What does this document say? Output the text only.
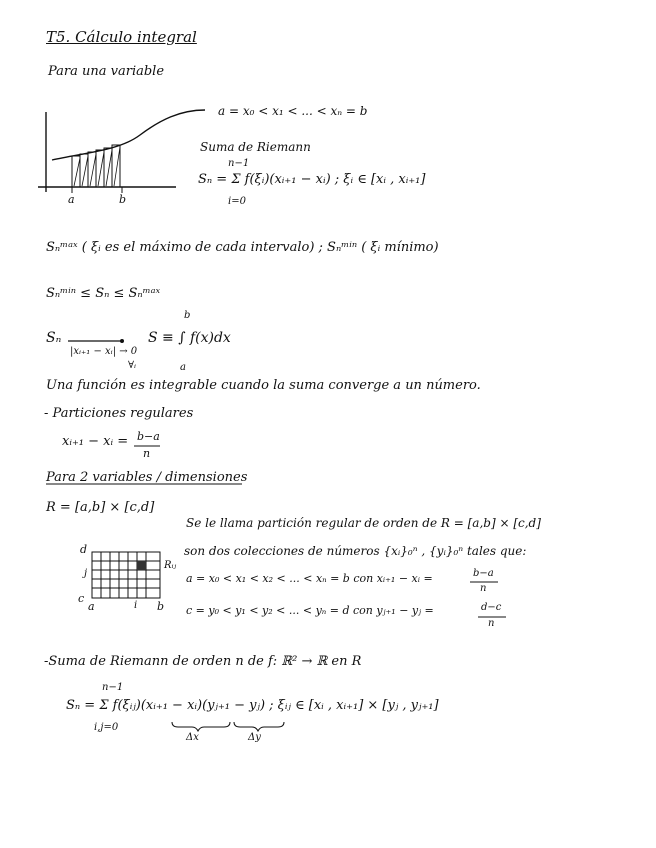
T5. Cálculo integral
Para una variable
a	b
a = x₀ < x₁ < ... < xₙ = b
Suma de Riemann
n−1
Sₙ = Σ f(ξᵢ)(xᵢ₊₁ − xᵢ) ; ξᵢ ∈ [xᵢ , xᵢ₊₁]
i=0
Sₙᵐᵃˣ ( ξᵢ es el máximo de cada intervalo) ; Sₙᵐⁱⁿ ( ξᵢ mínimo)
Sₙᵐⁱⁿ ≤ Sₙ ≤ Sₙᵐᵃˣ
Sₙ
|xᵢ₊₁ − xᵢ| → 0
∀ᵢ
S ≡ ∫ f(x)dx
b
a
Una función es integrable cuando la suma converge a un número.
- Particiones regulares
xᵢ₊₁ − xᵢ = b−a
n
Para 2 variables / dimensiones
R = [a,b] × [c,d]
d
c
j
a	i b
Rᵢⱼ
Se le llama partición regular de orden de R = [a,b] × [c,d]
son dos colecciones de números {xᵢ}₀ⁿ , {yᵢ}₀ⁿ tales que:
a = x₀ < x₁ < x₂ < ... < xₙ = b con xᵢ₊₁ − xᵢ =	b−a
n
c = y₀ < y₁ < y₂ < ... < yₙ = d con yⱼ₊₁ − yⱼ =	d−c
n
-Suma de Riemann de orden n de f: ℝ² → ℝ en R
n−1
Sₙ = Σ f(ξᵢⱼ)(xᵢ₊₁ − xᵢ)(yⱼ₊₁ − yⱼ) ; ξᵢⱼ ∈ [xᵢ , xᵢ₊₁] × [yⱼ , yⱼ₊₁]
i,j=0
Δx	Δy
